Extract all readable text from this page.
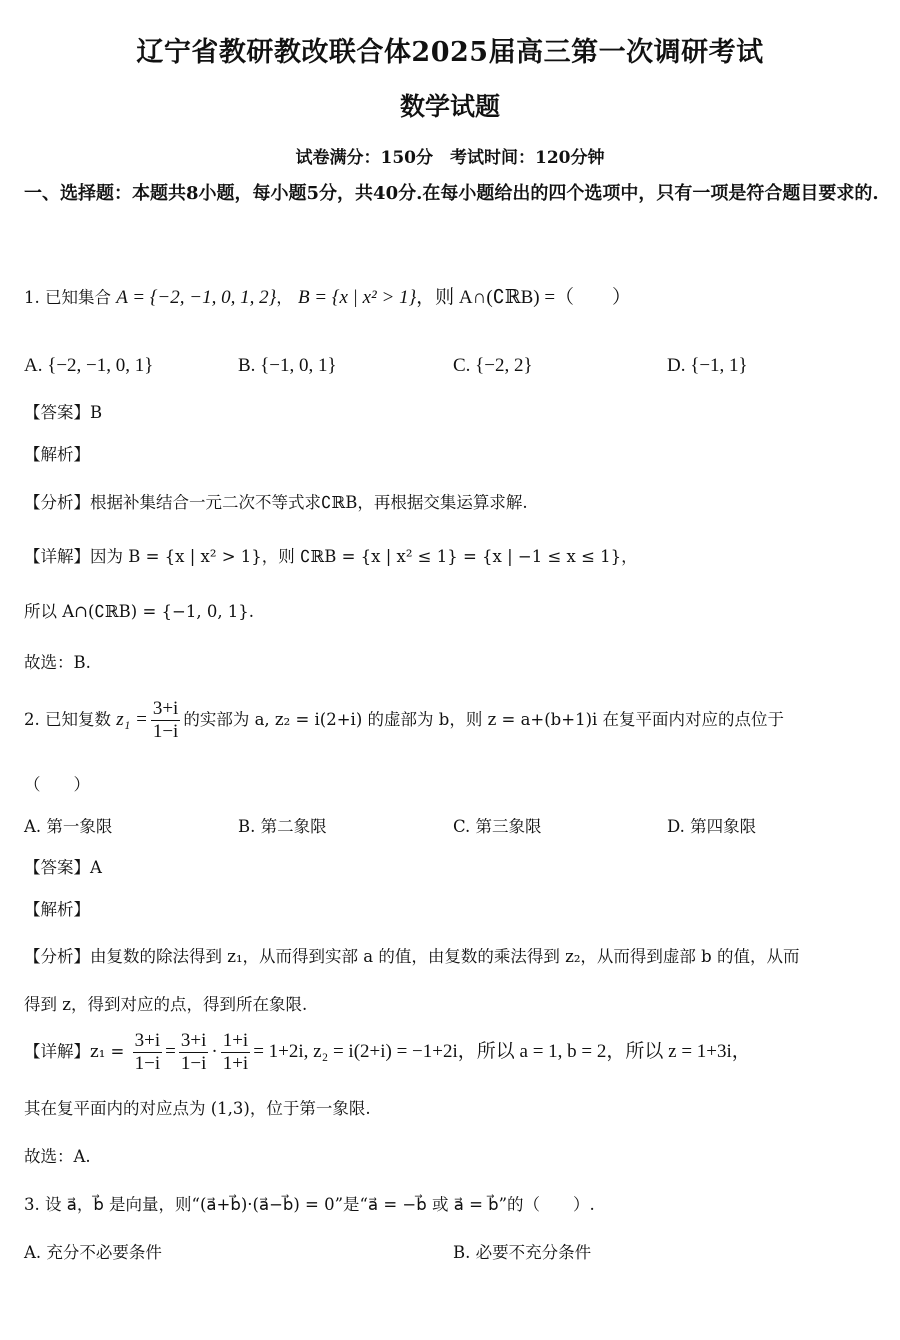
辽宁省教研教改联合体2025届高三第一次调研考试
数学试题
试卷满分：150分　考试时间：120分钟
一、选择题：本题共8小题，每小题5分，共40分.在每小题给出的四个选项中，只有一项是符合题目要求的.
1. 已知集合 A = {−2, −1, 0, 1, 2}， B = {x | x² > 1}，则 A∩(∁ℝB) =（　　）
A. {−2, −1, 0, 1}	B. {−1, 0, 1}	C. {−2, 2}	D. {−1, 1}
【答案】B
【解析】
【分析】根据补集结合一元二次不等式求∁ℝB，再根据交集运算求解.
【详解】因为 B = {x | x² > 1}，则 ∁ℝB = {x | x² ≤ 1} = {x | −1 ≤ x ≤ 1}，
所以 A∩(∁ℝB) = {−1, 0, 1}.
故选：B.
2. 已知复数 $z_1 = \frac{3+i}{1-i}$ 的实部为 a, z₂ = i(2+i) 的虚部为 b，则 z = a+(b+1)i 在复平面内对应的点位于
（　　）
A. 第一象限	B. 第二象限	C. 第三象限	D. 第四象限
【答案】A
【解析】
【分析】由复数的除法得到 z₁，从而得到实部 a 的值，由复数的乘法得到 z₂，从而得到虚部 b 的值，从而
得到 z，得到对应的点，得到所在象限.
【详解】$z_1 = \frac{3+i}{1-i} = \frac{3+i}{1-i} \cdot \frac{1+i}{1+i} = 1+2i$, z₂ = i(2+i) = −1+2i，所以 a = 1, b = 2，所以 z = 1+3i，
其在复平面内的对应点为 (1,3)，位于第一象限.
故选：A.
3. 设 a⃗，b⃗ 是向量，则“(a⃗+b⃗)·(a⃗−b⃗) = 0”是“a⃗ = −b⃗ 或 a⃗ = b⃗”的（　　）.
A. 充分不必要条件	B. 必要不充分条件
